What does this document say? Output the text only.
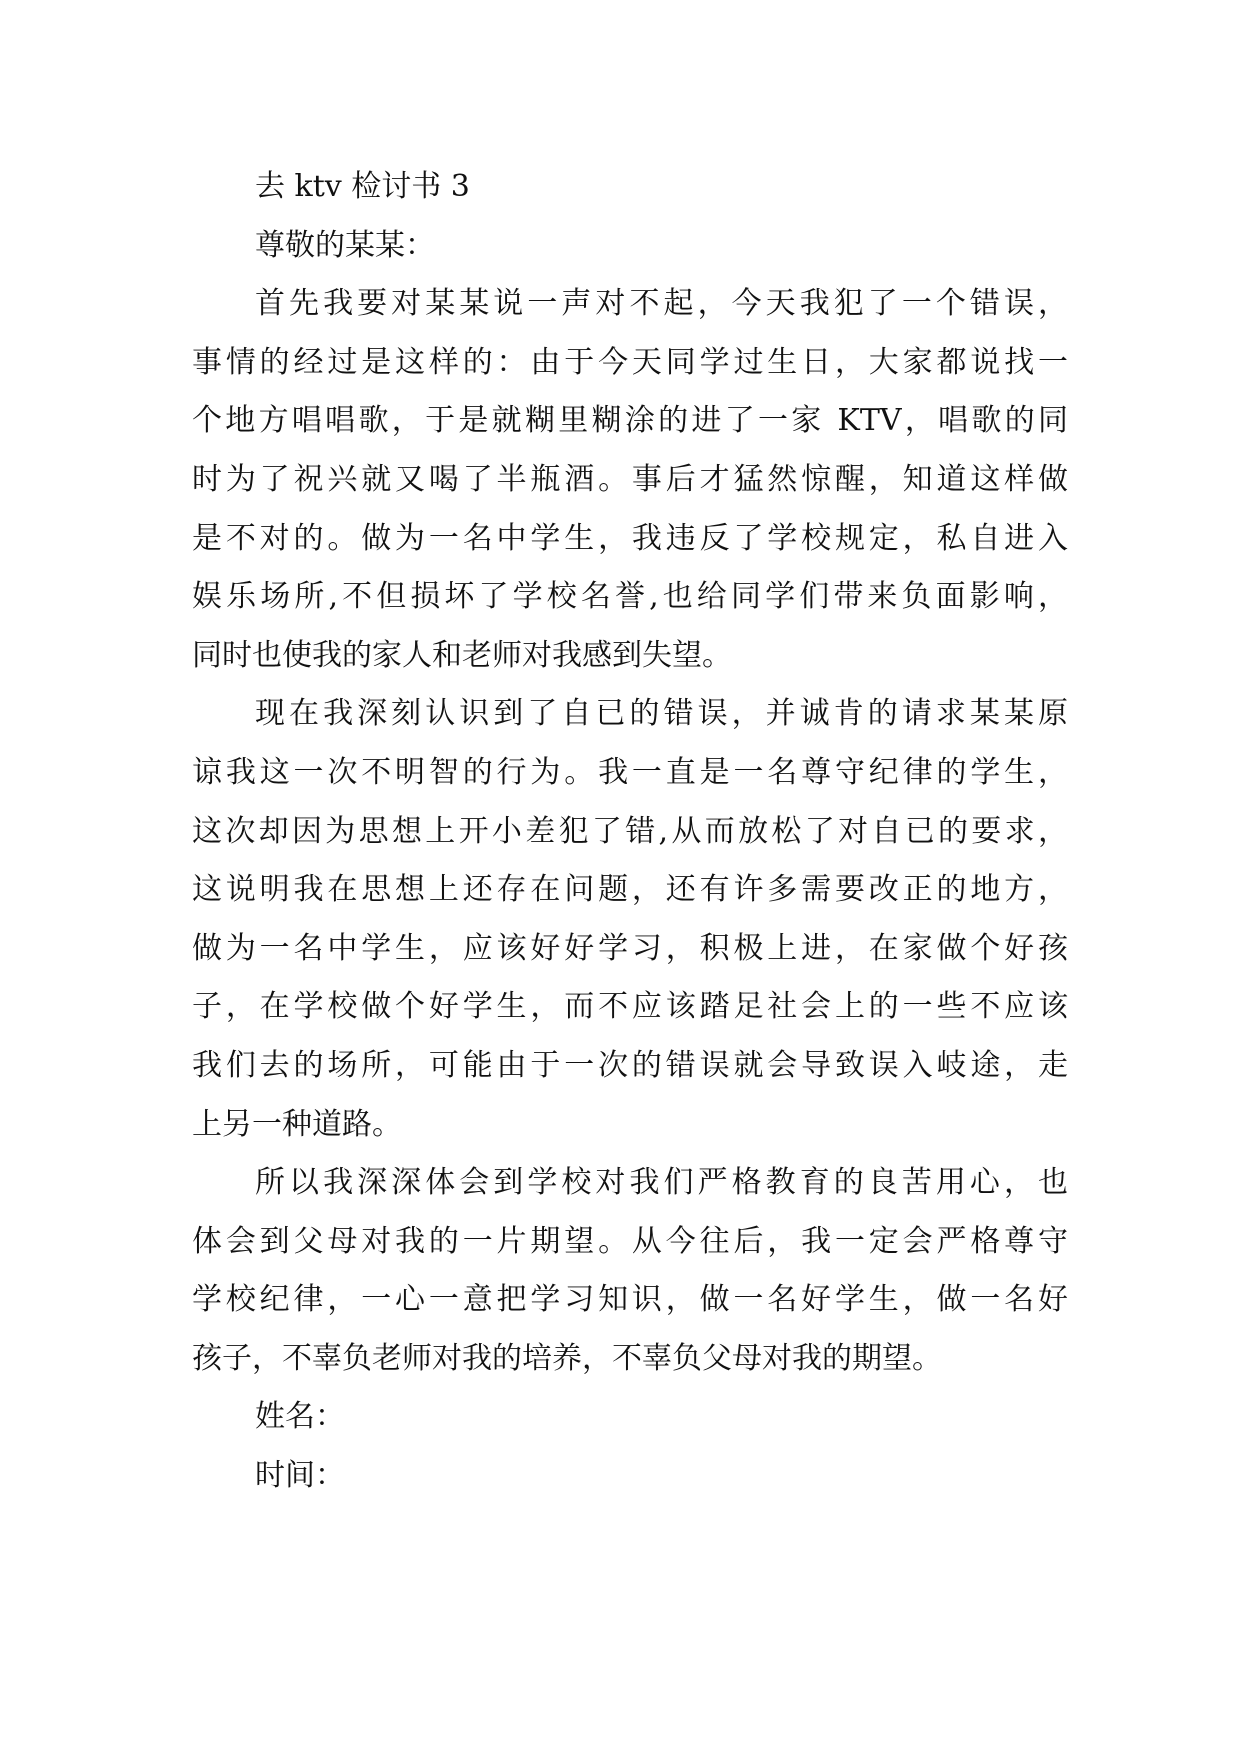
去 ktv 检讨书 3
尊敬的某某：
首先我要对某某说一声对不起，今天我犯了一个错误，
事情的经过是这样的：由于今天同学过生日，大家都说找一
个地方唱唱歌，于是就糊里糊涂的进了一家 KTV，唱歌的同
时为了祝兴就又喝了半瓶酒。事后才猛然惊醒，知道这样做
是不对的。做为一名中学生，我违反了学校规定，私自进入
娱乐场所,不但损坏了学校名誉,也给同学们带来负面影响，
同时也使我的家人和老师对我感到失望。
现在我深刻认识到了自已的错误，并诚肯的请求某某原
谅我这一次不明智的行为。我一直是一名尊守纪律的学生，
这次却因为思想上开小差犯了错,从而放松了对自已的要求，
这说明我在思想上还存在问题，还有许多需要改正的地方，
做为一名中学生，应该好好学习，积极上进，在家做个好孩
子，在学校做个好学生，而不应该踏足社会上的一些不应该
我们去的场所，可能由于一次的错误就会导致误入岐途，走
上另一种道路。
所以我深深体会到学校对我们严格教育的良苦用心，也
体会到父母对我的一片期望。从今往后，我一定会严格尊守
学校纪律，一心一意把学习知识，做一名好学生，做一名好
孩子，不辜负老师对我的培养，不辜负父母对我的期望。
姓名：
时间：
